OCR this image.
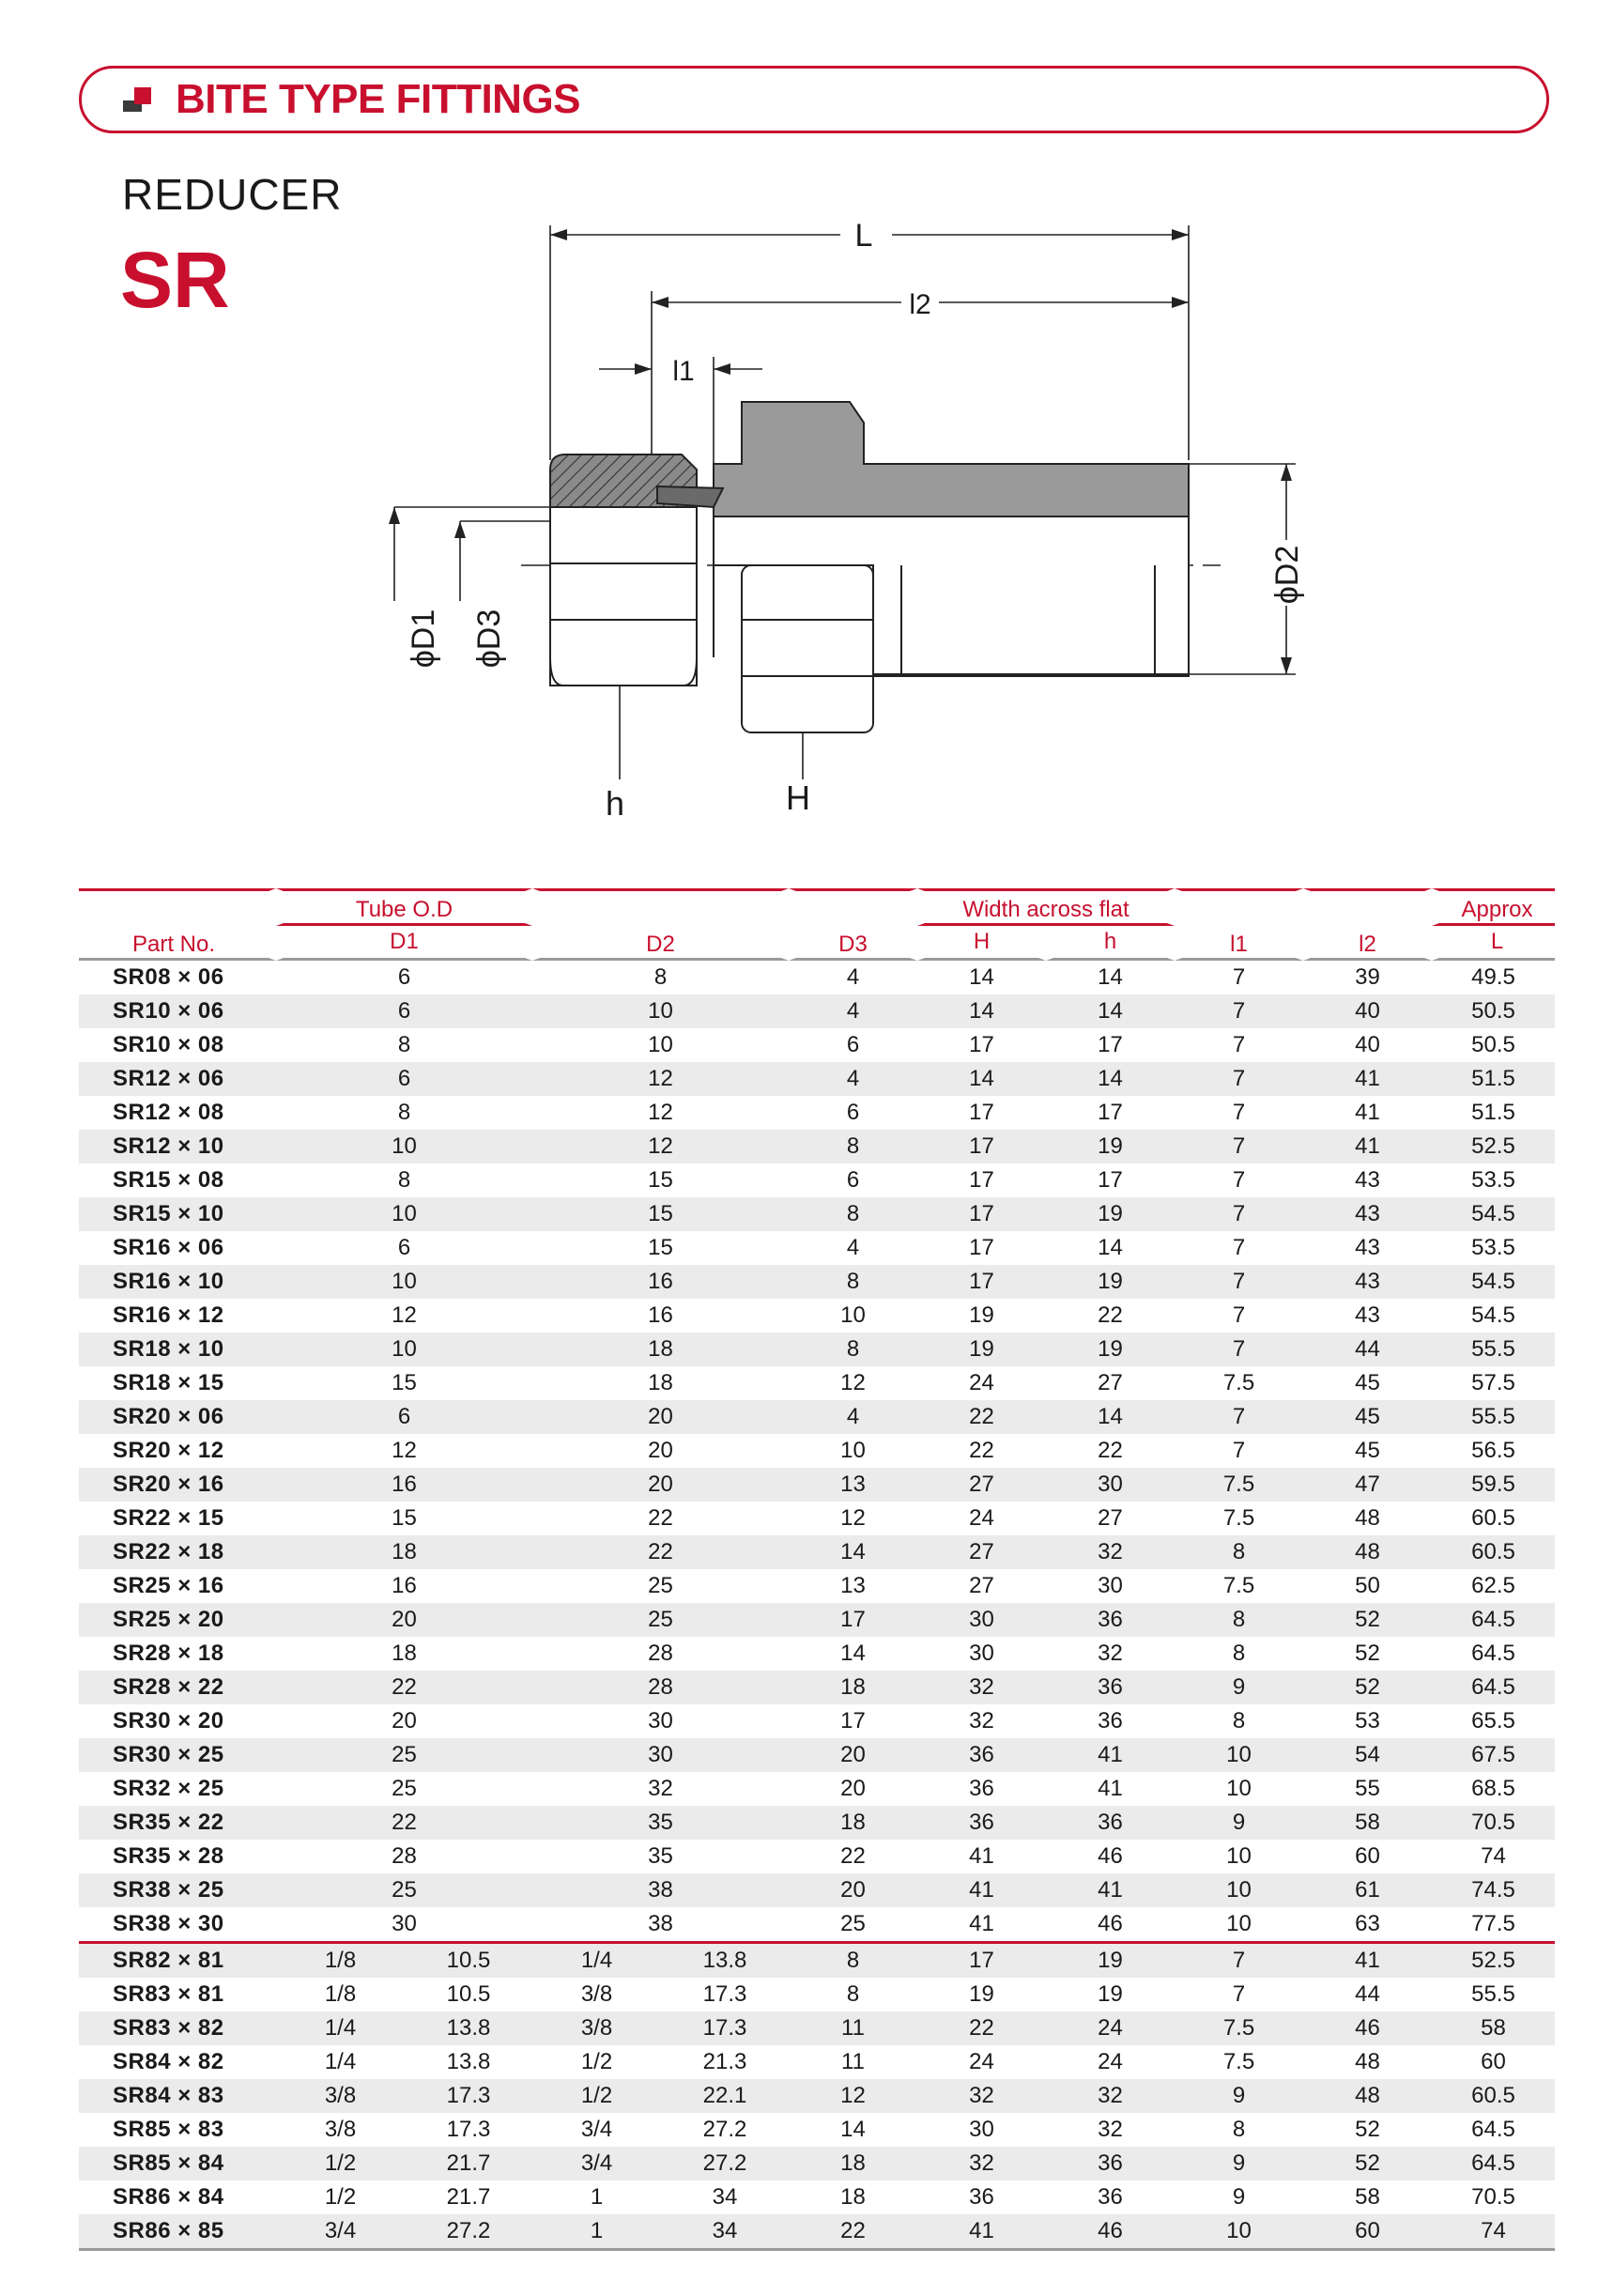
BITE TYPE FITTINGS
REDUCER
SR	L
l2
l1
ϕD1 ϕD3
ϕD2
h	H
Part No.	Tube O.D		D2		D3	Width across flat		l1	l2	Approx
	D1					H	h			L
SR08 × 06	6		8		4	14	14	7	39	49.5
SR10 × 06	6		10		4	14	14	7	40	50.5
SR10 × 08	8		10		6	17	17	7	40	50.5
SR12 × 06	6		12		4	14	14	7	41	51.5
SR12 × 08	8		12		6	17	17	7	41	51.5
SR12 × 10	10		12		8	17	19	7	41	52.5
SR15 × 08	8		15		6	17	17	7	43	53.5
SR15 × 10	10		15		8	17	19	7	43	54.5
SR16 × 06	6		15		4	17	14	7	43	53.5
SR16 × 10	10		16		8	17	19	7	43	54.5
SR16 × 12	12		16		10	19	22	7	43	54.5
SR18 × 10	10		18		8	19	19	7	44	55.5
SR18 × 15	15		18		12	24	27	7.5	45	57.5
SR20 × 06	6		20		4	22	14	7	45	55.5
SR20 × 12	12		20		10	22	22	7	45	56.5
SR20 × 16	16		20		13	27	30	7.5	47	59.5
SR22 × 15	15		22		12	24	27	7.5	48	60.5
SR22 × 18	18		22		14	27	32	8	48	60.5
SR25 × 16	16		25		13	27	30	7.5	50	62.5
SR25 × 20	20		25		17	30	36	8	52	64.5
SR28 × 18	18		28		14	30	32	8	52	64.5
SR28 × 22	22		28		18	32	36	9	52	64.5
SR30 × 20	20		30		17	32	36	8	53	65.5
SR30 × 25	25		30		20	36	41	10	54	67.5
SR32 × 25	25		32		20	36	41	10	55	68.5
SR35 × 22	22		35		18	36	36	9	58	70.5
SR35 × 28	28		35		22	41	46	10	60	74
SR38 × 25	25		38		20	41	41	10	61	74.5
SR38 × 30	30		38		25	41	46	10	63	77.5
SR82 × 81	1/8	10.5	1/4	13.8	8	17	19	7	41	52.5
SR83 × 81	1/8	10.5	3/8	17.3	8	19	19	7	44	55.5
SR83 × 82	1/4	13.8	3/8	17.3	11	22	24	7.5	46	58
SR84 × 82	1/4	13.8	1/2	21.3	11	24	24	7.5	48	60
SR84 × 83	3/8	17.3	1/2	22.1	12	32	32	9	48	60.5
SR85 × 83	3/8	17.3	3/4	27.2	14	30	32	8	52	64.5
SR85 × 84	1/2	21.7	3/4	27.2	18	32	36	9	52	64.5
SR86 × 84	1/2	21.7	1	34	18	36	36	9	58	70.5
SR86 × 85	3/4	27.2	1	34	22	41	46	10	60	74
